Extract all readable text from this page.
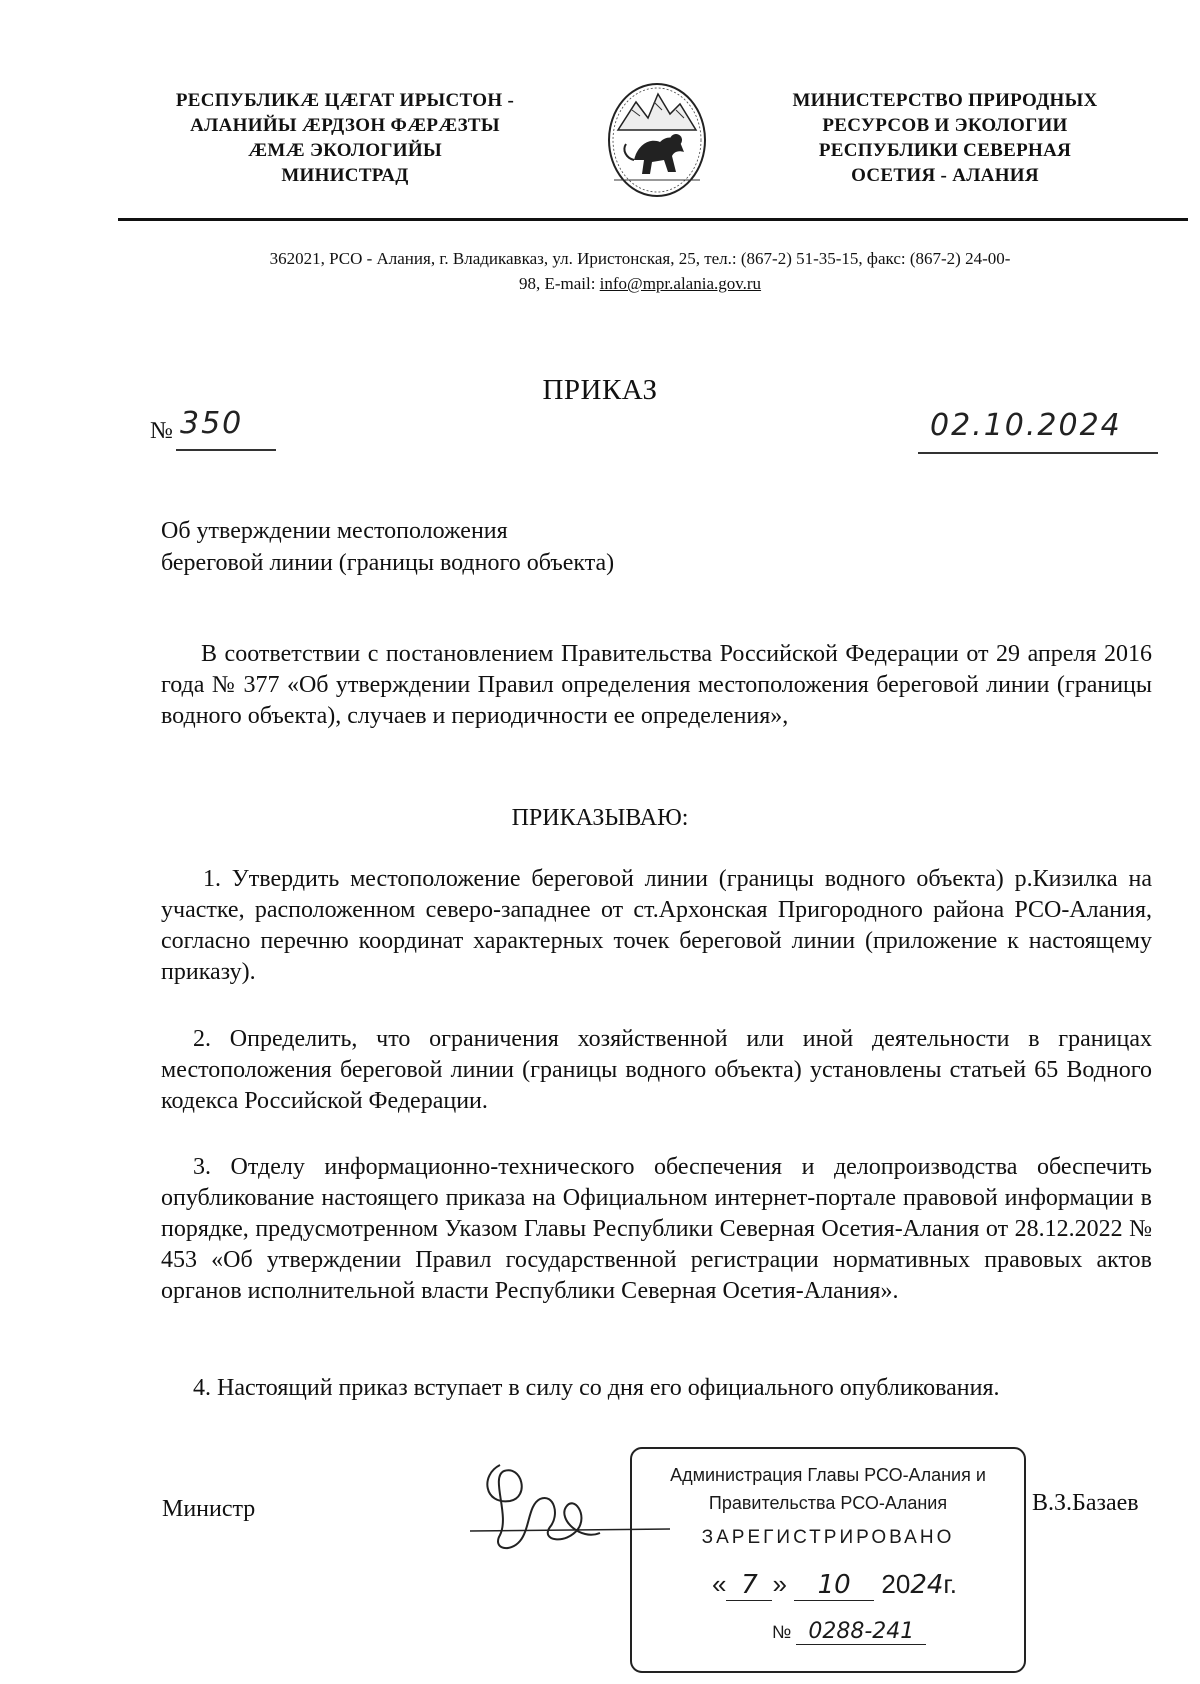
РЕСПУБЛИКÆ ЦÆГАТ ИРЫСТОН -
АЛАНИЙЫ ÆРДЗОН ФÆРÆЗТЫ
ÆМÆ ЭКОЛОГИЙЫ
МИНИСТРАД
МИНИСТЕРСТВО ПРИРОДНЫХ
РЕСУРСОВ И ЭКОЛОГИИ
РЕСПУБЛИКИ СЕВЕРНАЯ
ОСЕТИЯ - АЛАНИЯ
362021, РСО - Алания, г. Владикавказ, ул. Иристонская, 25, тел.: (867-2) 51-35-15, факс: (867-2) 24-00-
98, E-mail: info@mpr.alania.gov.ru
ПРИКАЗ
№ 350	02.10.2024
Об утверждении местоположения
береговой линии (границы водного объекта)
В соответствии с постановлением Правительства Российской Федерации от 29 апреля 2016 года № 377 «Об утверждении Правил определения местоположения береговой линии (границы водного объекта), случаев и периодичности ее определения»,
ПРИКАЗЫВАЮ:
1. Утвердить местоположение береговой линии (границы водного объекта) р.Кизилка на участке, расположенном северо-западнее от ст.Архонская Пригородного района РСО-Алания, согласно перечню координат характерных точек береговой линии (приложение к настоящему приказу).
2. Определить, что ограничения хозяйственной или иной деятельности в границах местоположения береговой линии (границы водного объекта) установлены статьей 65 Водного кодекса Российской Федерации.
3. Отделу информационно-технического обеспечения и делопроизводства обеспечить опубликование настоящего приказа на Официальном интернет-портале правовой информации в порядке, предусмотренном Указом Главы Республики Северная Осетия-Алания от 28.12.2022 № 453 «Об утверждении Правил государственной регистрации нормативных правовых актов органов исполнительной власти Республики Северная Осетия-Алания».
4. Настоящий приказ вступает в силу со дня его официального опубликования.
Министр
Администрация Главы РСО-Алания и
Правительства РСО-Алания
ЗАРЕГИСТРИРОВАНО
« 7 » 10 2024г.
№ 0288-241
В.З.Базаев
